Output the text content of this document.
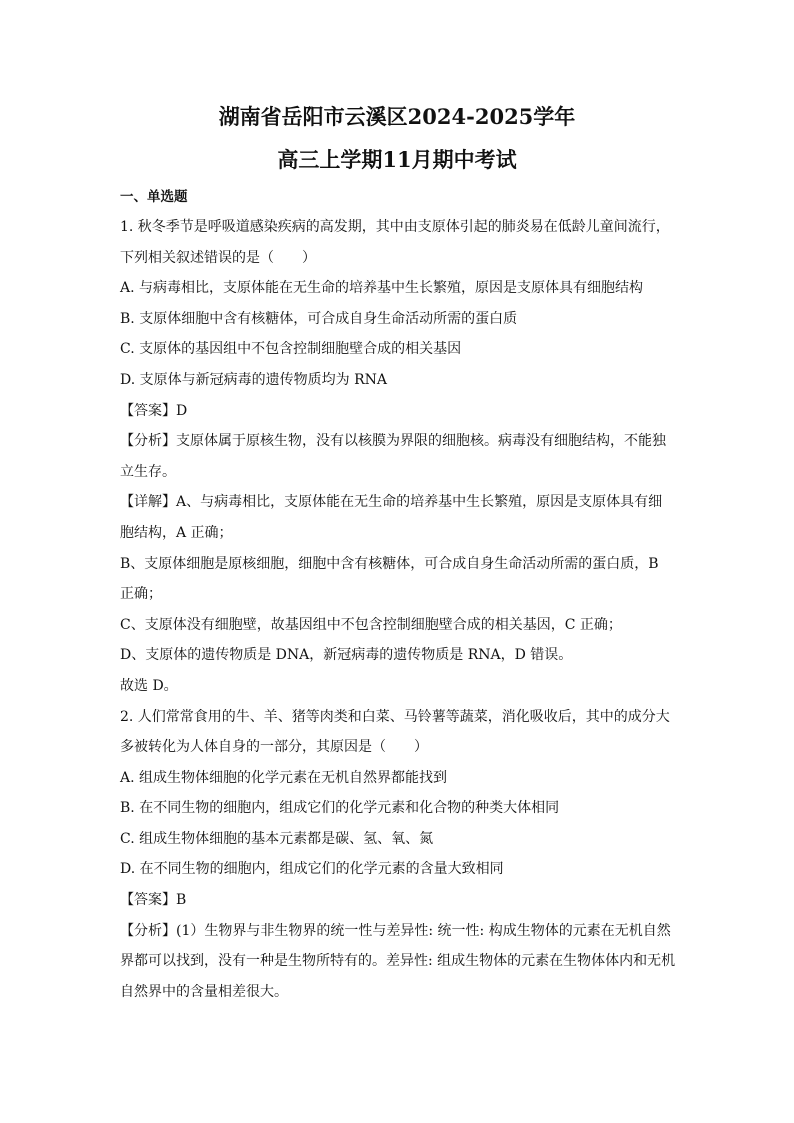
湖南省岳阳市云溪区2024-2025学年
高三上学期11月期中考试

一、单选题

1. 秋冬季节是呼吸道感染疾病的高发期，其中由支原体引起的肺炎易在低龄儿童间流行，

下列相关叙述错误的是（　　）

A. 与病毒相比，支原体能在无生命的培养基中生长繁殖，原因是支原体具有细胞结构

B. 支原体细胞中含有核糖体，可合成自身生命活动所需的蛋白质

C. 支原体的基因组中不包含控制细胞壁合成的相关基因

D. 支原体与新冠病毒的遗传物质均为 RNA

【答案】D

【分析】支原体属于原核生物，没有以核膜为界限的细胞核。病毒没有细胞结构，不能独

立生存。

【详解】A、与病毒相比，支原体能在无生命的培养基中生长繁殖，原因是支原体具有细

胞结构，A 正确；

B、支原体细胞是原核细胞，细胞中含有核糖体，可合成自身生命活动所需的蛋白质，B

正确；

C、支原体没有细胞壁，故基因组中不包含控制细胞壁合成的相关基因，C 正确；

D、支原体的遗传物质是 DNA，新冠病毒的遗传物质是 RNA，D 错误。

故选 D。

2. 人们常常食用的牛、羊、猪等肉类和白菜、马铃薯等蔬菜，消化吸收后，其中的成分大

多被转化为人体自身的一部分，其原因是（　　）

A. 组成生物体细胞的化学元素在无机自然界都能找到

B. 在不同生物的细胞内，组成它们的化学元素和化合物的种类大体相同

C. 组成生物体细胞的基本元素都是碳、氢、氧、氮

D. 在不同生物的细胞内，组成它们的化学元素的含量大致相同

【答案】B

【分析】(1）生物界与非生物界的统一性与差异性: 统一性: 构成生物体的元素在无机自然

界都可以找到，没有一种是生物所特有的。差异性: 组成生物体的元素在生物体体内和无机

自然界中的含量相差很大。
